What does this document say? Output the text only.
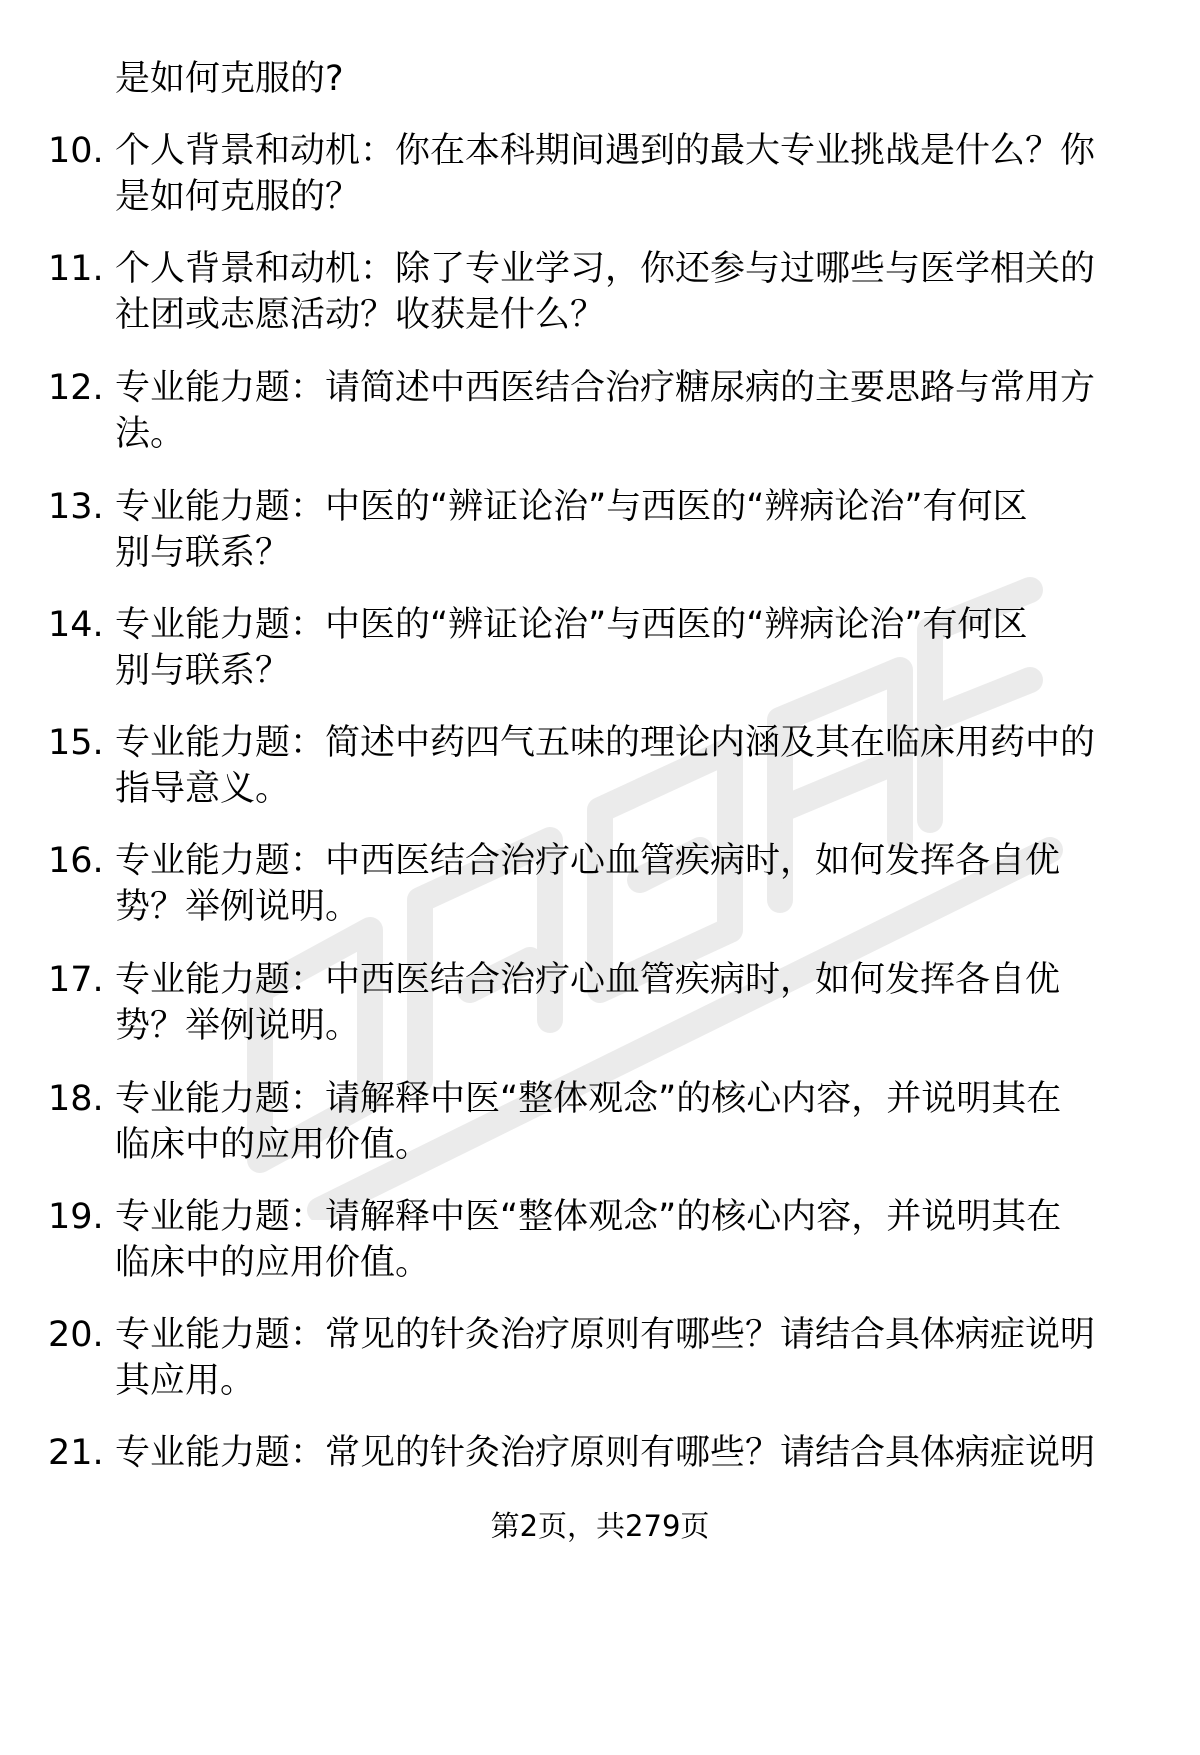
是如何克服的?
10. 个人背景和动机：你在本科期间遇到的最大专业挑战是什么？你
是如何克服的？
11. 个人背景和动机：除了专业学习，你还参与过哪些与医学相关的
社团或志愿活动？收获是什么？
12. 专业能力题：请简述中西医结合治疗糖尿病的主要思路与常用方
法。
13. 专业能力题：中医的“辨证论治”与西医的“辨病论治”有何区
别与联系？
14. 专业能力题：中医的“辨证论治”与西医的“辨病论治”有何区
别与联系？
15. 专业能力题：简述中药四气五味的理论内涵及其在临床用药中的
指导意义。
16. 专业能力题：中西医结合治疗心血管疾病时，如何发挥各自优
势？举例说明。
17. 专业能力题：中西医结合治疗心血管疾病时，如何发挥各自优
势？举例说明。
18. 专业能力题：请解释中医“整体观念”的核心内容，并说明其在
临床中的应用价值。
19. 专业能力题：请解释中医“整体观念”的核心内容，并说明其在
临床中的应用价值。
20. 专业能力题：常见的针灸治疗原则有哪些？请结合具体病症说明
其应用。
21. 专业能力题：常见的针灸治疗原则有哪些？请结合具体病症说明
第2页，共279页
